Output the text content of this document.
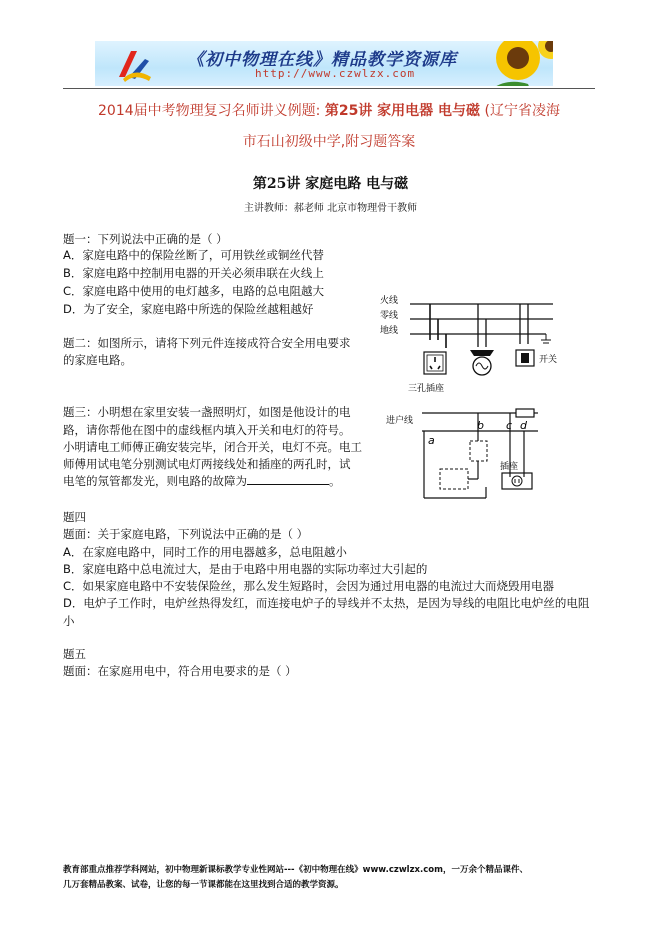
《初中物理在线》精品教学资源库
http://www.czwlzx.com
2014届中考物理复习名师讲义例题: 第25讲 家用电器 电与磁 (辽宁省凌海
市石山初级中学,附习题答案
第25讲 家庭电路 电与磁
主讲教师：郝老师 北京市物理骨干教师
题一：下列说法中正确的是（ ）
A．家庭电路中的保险丝断了，可用铁丝或铜丝代替
B．家庭电路中控制用电器的开关必须串联在火线上
C．家庭电路中使用的电灯越多，电路的总电阻越大
D．为了安全，家庭电路中所选的保险丝越粗越好
题二：如图所示，请将下列元件连接成符合安全用电要求
的家庭电路。
火线
零线
地线
三孔插座
开关
题三：小明想在家里安装一盏照明灯，如图是他设计的电
路，请你帮他在图中的虚线框内填入开关和电灯的符号。
小明请电工师傅正确安装完毕，闭合开关，电灯不亮。电工
师傅用试电笔分别测试电灯两接线处和插座的两孔时，试
电笔的氖管都发光，则电路的故障为	。
进户线
a
b c d
插座
题四
题面：关于家庭电路，下列说法中正确的是（ ）
A．在家庭电路中，同时工作的用电器越多，总电阻越小
B．家庭电路中总电流过大，是由于电路中用电器的实际功率过大引起的
C．如果家庭电路中不安装保险丝，那么发生短路时，会因为通过用电器的电流过大而烧毁用电器
D．电炉子工作时，电炉丝热得发红，而连接电炉子的导线并不太热，是因为导线的电阻比电炉丝的电阻小
题五
题面：在家庭用电中，符合用电要求的是（ ）
教育部重点推荐学科网站，初中物理新课标教学专业性网站---《初中物理在线》www.czwlzx.com，一万余个精品课件、
几万套精品教案、试卷，让您的每一节课都能在这里找到合适的教学资源。
